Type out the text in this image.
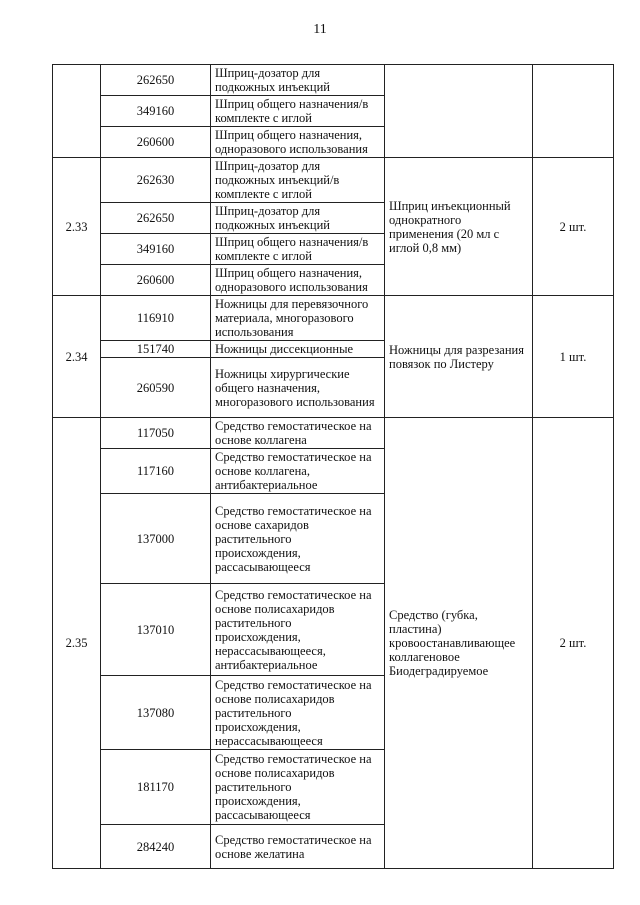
11
	262650	Шприц-дозатор для подкожных инъекций		
	349160	Шприц общего назначения/в комплекте с иглой		
	260600	Шприц общего назначения, одноразового использования		
2.33	262630	Шприц-дозатор для подкожных инъекций/в комплекте с иглой	Шприц инъекционный однократного применения (20 мл с иглой 0,8 мм)	2 шт.
	262650	Шприц-дозатор для подкожных инъекций		
	349160	Шприц общего назначения/в комплекте с иглой		
	260600	Шприц общего назначения, одноразового использования		
2.34	116910	Ножницы для перевязочного материала, многоразового использования	Ножницы для разрезания повязок по Листеру	1 шт.
	151740	Ножницы диссекционные		
	260590	Ножницы хирургические общего назначения, многоразового использования		
2.35	117050	Средство гемостатическое на основе коллагена	Средство (губка, пластина) кровоостанавливающее коллагеновое Биодеградируемое	2 шт.
	117160	Средство гемостатическое на основе коллагена, антибактериальное		
	137000	Средство гемостатическое на основе сахаридов растительного происхождения, рассасывающееся		
	137010	Средство гемостатическое на основе полисахаридов растительного происхождения, нерассасывающееся, антибактериальное		
	137080	Средство гемостатическое на основе полисахаридов растительного происхождения, нерассасывающееся		
	181170	Средство гемостатическое на основе полисахаридов растительного происхождения, рассасывающееся		
	284240	Средство гемостатическое на основе желатина		
